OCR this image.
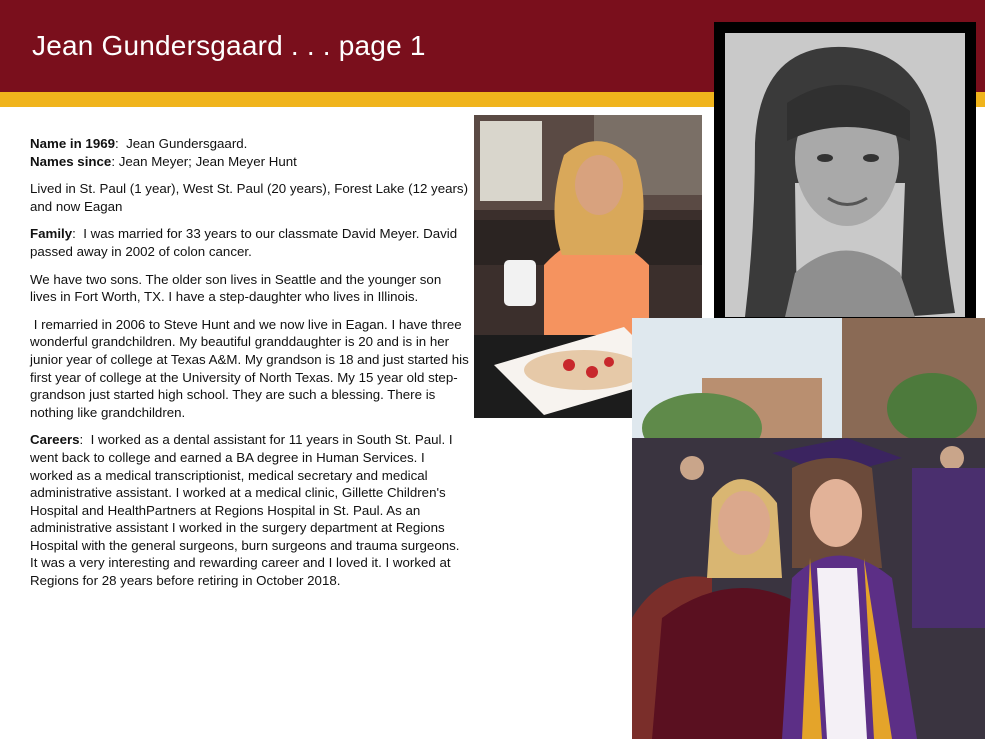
Jean Gundersgaard . . . page 1

Name in 1969:  Jean Gundersgaard.
Names since: Jean Meyer; Jean Meyer Hunt

Lived in St. Paul (1 year), West St. Paul (20 years), Forest Lake (12 years) and now Eagan

Family:  I was married for 33 years to our classmate David Meyer. David passed away in 2002 of colon cancer.

We have two sons. The older son lives in Seattle and the younger son lives in Fort Worth, TX. I have a step-daughter who lives in Illinois.

I remarried in 2006 to Steve Hunt and we now live in Eagan. I have three wonderful grandchildren. My beautiful granddaughter is 20 and is in her junior year of college at Texas A&M. My grandson is 18 and just started his first year of college at the University of North Texas. My 15 year old step-grandson just started high school. They are such a blessing. There is nothing like grandchildren.

Careers:  I worked as a dental assistant for 11 years in South St. Paul. I went back to college and earned a BA degree in Human Services. I worked as a medical transcriptionist, medical secretary and medical administrative assistant. I worked at a medical clinic, Gillette Children's Hospital and HealthPartners at Regions Hospital in St. Paul. As an administrative assistant I worked in the surgery department at Regions Hospital with the general surgeons, burn surgeons and trauma surgeons. It was a very interesting and rewarding career and I loved it. I worked at Regions for 28 years before retiring in October 2018.
